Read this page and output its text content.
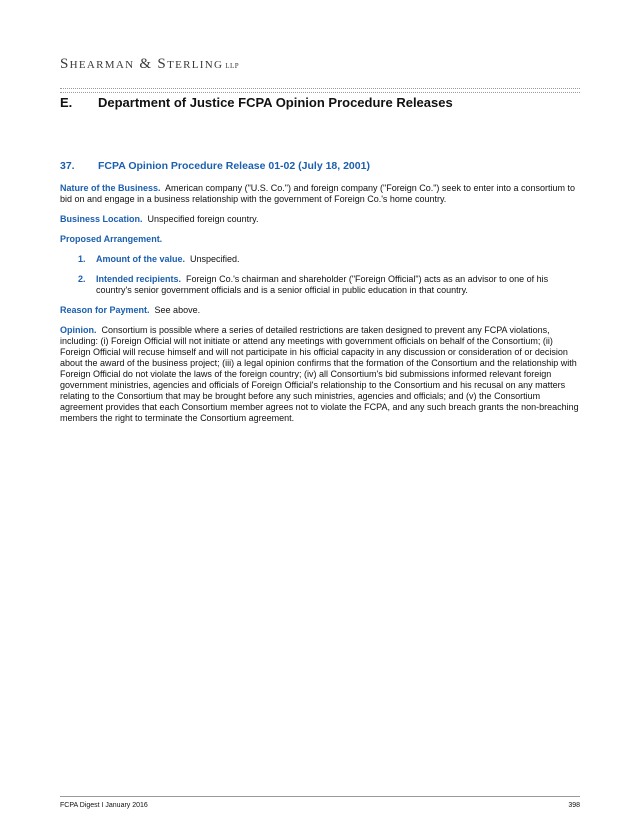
Shearman & Sterling LLP
E. Department of Justice FCPA Opinion Procedure Releases
37. FCPA Opinion Procedure Release 01-02 (July 18, 2001)

Nature of the Business. American company ("U.S. Co.") and foreign company ("Foreign Co.") seek to enter into a consortium to bid on and engage in a business relationship with the government of Foreign Co.'s home country.

Business Location. Unspecified foreign country.

Proposed Arrangement.

1. Amount of the value. Unspecified.
2. Intended recipients. Foreign Co.'s chairman and shareholder ("Foreign Official") acts as an advisor to one of his country's senior government officials and is a senior official in public education in that country.

Reason for Payment. See above.

Opinion. Consortium is possible where a series of detailed restrictions are taken designed to prevent any FCPA violations, including: (i) Foreign Official will not initiate or attend any meetings with government officials on behalf of the Consortium; (ii) Foreign Official will recuse himself and will not participate in his official capacity in any discussion or consideration of or decision about the award of the business project; (iii) a legal opinion confirms that the formation of the Consortium and the relationship with Foreign Official do not violate the laws of the foreign country; (iv) all Consortium's bid submissions informed relevant foreign government ministries, agencies and officials of Foreign Official's relationship to the Consortium and his recusal on any matters relating to the Consortium that may be brought before any such ministries, agencies and officials; and (v) the Consortium agreement provides that each Consortium member agrees not to violate the FCPA, and any such breach grants the non-breaching members the right to terminate the Consortium agreement.

FCPA Digest I January 2016	398
